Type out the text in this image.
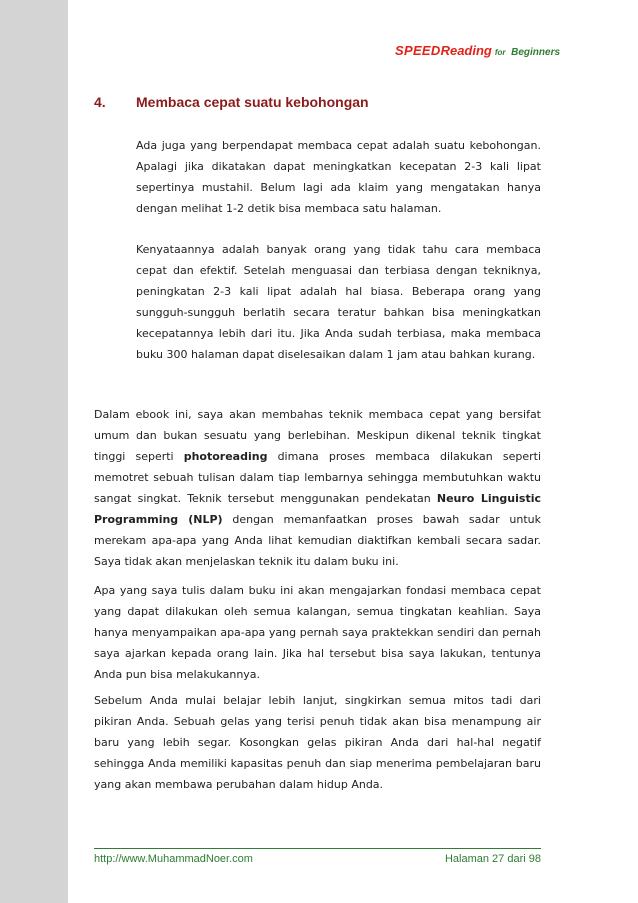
SPEEDReading for Beginners
4. Membaca cepat suatu kebohongan
Ada juga yang berpendapat membaca cepat adalah suatu kebohongan. Apalagi jika dikatakan dapat meningkatkan kecepatan 2-3 kali lipat sepertinya mustahil. Belum lagi ada klaim yang mengatakan hanya dengan melihat 1-2 detik bisa membaca satu halaman.
Kenyataannya adalah banyak orang yang tidak tahu cara membaca cepat dan efektif. Setelah menguasai dan terbiasa dengan tekniknya, peningkatan 2-3 kali lipat adalah hal biasa. Beberapa orang yang sungguh-sungguh berlatih secara teratur bahkan bisa meningkatkan kecepatannya lebih dari itu. Jika Anda sudah terbiasa, maka membaca buku 300 halaman dapat diselesaikan dalam 1 jam atau bahkan kurang.
Dalam ebook ini, saya akan membahas teknik membaca cepat yang bersifat umum dan bukan sesuatu yang berlebihan. Meskipun dikenal teknik tingkat tinggi seperti photoreading dimana proses membaca dilakukan seperti memotret sebuah tulisan dalam tiap lembarnya sehingga membutuhkan waktu sangat singkat. Teknik tersebut menggunakan pendekatan Neuro Linguistic Programming (NLP) dengan memanfaatkan proses bawah sadar untuk merekam apa-apa yang Anda lihat kemudian diaktifkan kembali secara sadar. Saya tidak akan menjelaskan teknik itu dalam buku ini.
Apa yang saya tulis dalam buku ini akan mengajarkan fondasi membaca cepat yang dapat dilakukan oleh semua kalangan, semua tingkatan keahlian. Saya hanya menyampaikan apa-apa yang pernah saya praktekkan sendiri dan pernah saya ajarkan kepada orang lain. Jika hal tersebut bisa saya lakukan, tentunya Anda pun bisa melakukannya.
Sebelum Anda mulai belajar lebih lanjut, singkirkan semua mitos tadi dari pikiran Anda. Sebuah gelas yang terisi penuh tidak akan bisa menampung air baru yang lebih segar. Kosongkan gelas pikiran Anda dari hal-hal negatif sehingga Anda memiliki kapasitas penuh dan siap menerima pembelajaran baru yang akan membawa perubahan dalam hidup Anda.
http://www.MuhammadNoer.com	Halaman 27 dari 98
